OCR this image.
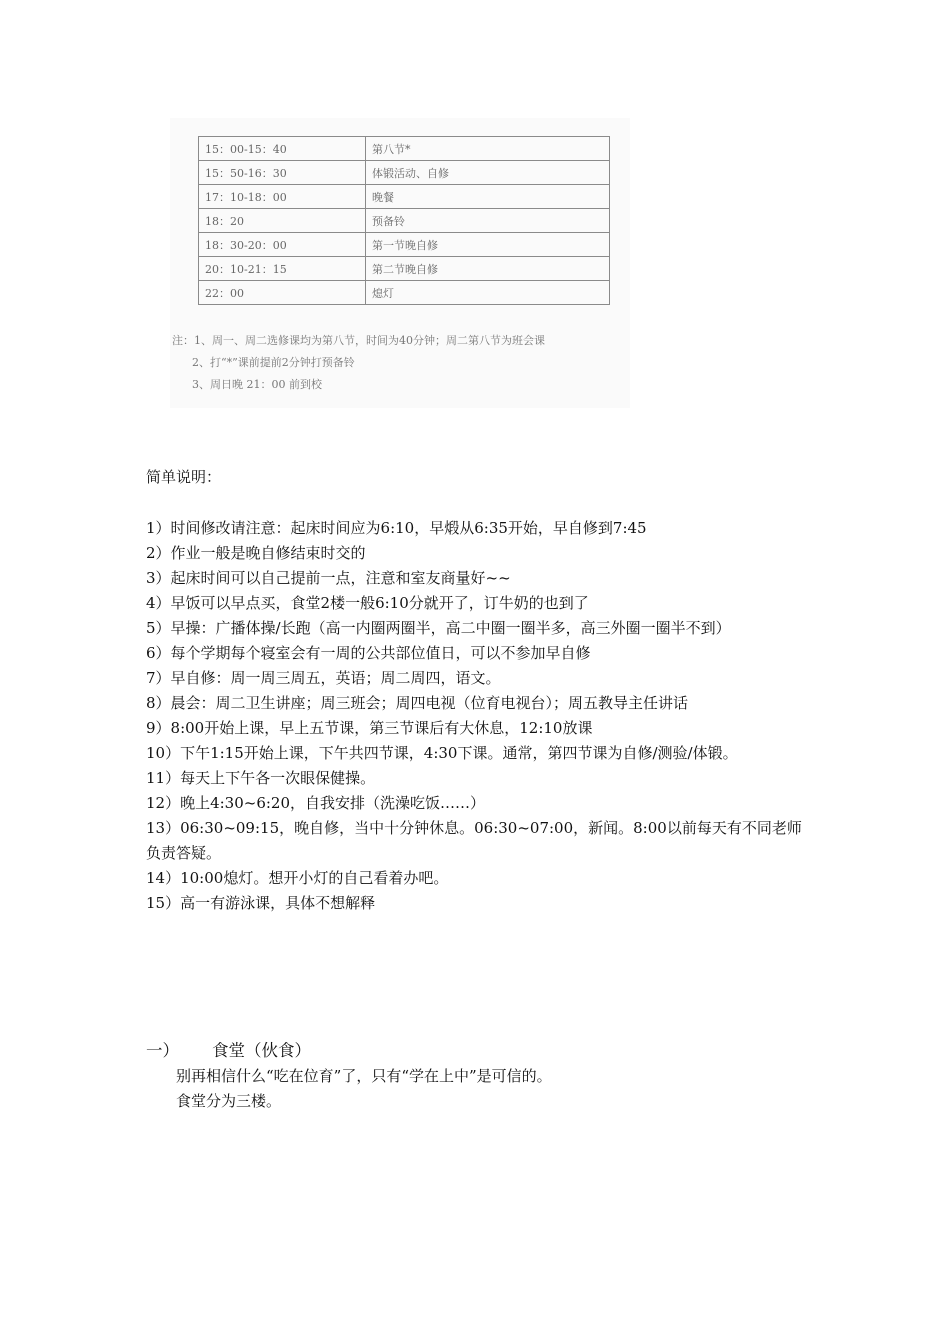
15：00-15：40	第八节*
15：50-16：30	体锻活动、自修
17：10-18：00	晚餐
18：20	预备铃
18：30-20：00	第一节晚自修
20：10-21：15	第二节晚自修
22：00	熄灯
注：1、周一、周二选修课均为第八节，时间为40分钟；周二第八节为班会课
2、打“*”课前提前2分钟打预备铃
3、周日晚 21：00 前到校
简单说明：
1）时间修改请注意：起床时间应为6:10，早煅从6:35开始，早自修到7:45
2）作业一般是晚自修结束时交的
3）起床时间可以自己提前一点，注意和室友商量好~~
4）早饭可以早点买，食堂2楼一般6:10分就开了，订牛奶的也到了
5）早操：广播体操/长跑（高一内圈两圈半，高二中圈一圈半多，高三外圈一圈半不到）
6）每个学期每个寝室会有一周的公共部位值日，可以不参加早自修
7）早自修：周一周三周五，英语；周二周四，语文。
8）晨会：周二卫生讲座；周三班会；周四电视（位育电视台）；周五教导主任讲话
9）8:00开始上课，早上五节课，第三节课后有大休息，12:10放课
10）下午1:15开始上课，下午共四节课，4:30下课。通常，第四节课为自修/测验/体锻。
11）每天上下午各一次眼保健操。
12）晚上4:30~6:20，自我安排（洗澡吃饭……）
13）06:30~09:15，晚自修，当中十分钟休息。06:30~07:00，新闻。8:00以前每天有不同老师负责答疑。
14）10:00熄灯。想开小灯的自己看着办吧。
15）高一有游泳课，具体不想解释
一） 食堂（伙食）
别再相信什么“吃在位育”了，只有“学在上中”是可信的。
食堂分为三楼。
